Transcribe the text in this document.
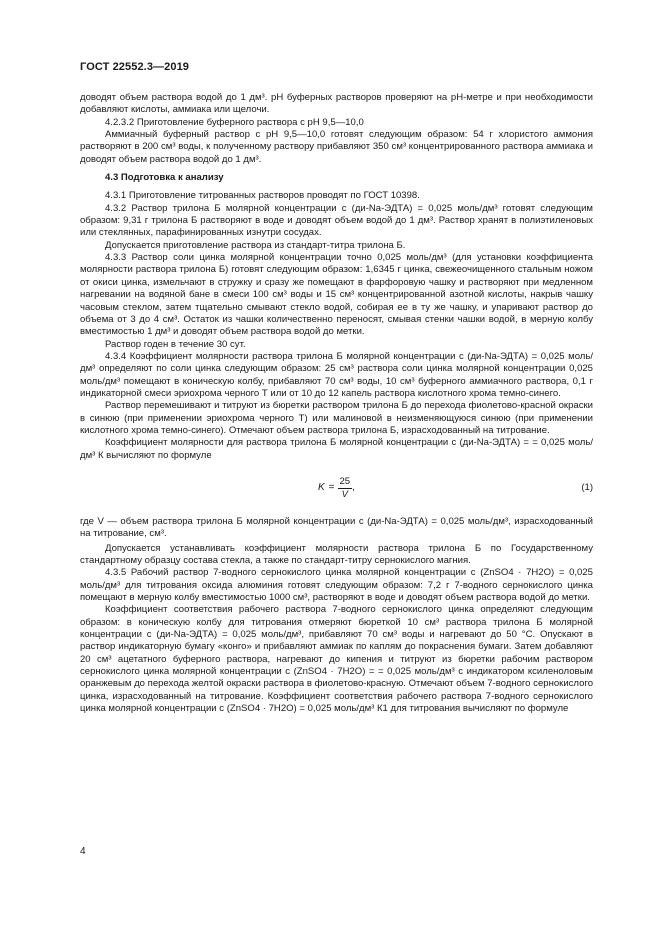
ГОСТ 22552.3—2019

доводят объем раствора водой до 1 дм³. pH буферных растворов проверяют на pH-метре и при необходимости добавляют кислоты, аммиака или щелочи.

4.2.3.2 Приготовление буферного раствора с pH 9,5—10,0

Аммиачный буферный раствор с pH 9,5—10,0 готовят следующим образом: 54 г хлористого аммония растворяют в 200 см³ воды, к полученному раствору прибавляют 350 см³ концентрированного раствора аммиака и доводят объем раствора водой до 1 дм³.

4.3 Подготовка к анализу

4.3.1 Приготовление титрованных растворов проводят по ГОСТ 10398.

4.3.2 Раствор трилона Б молярной концентрации с (ди-Na-ЭДТА) = 0,025 моль/дм³ готовят следующим образом: 9,31 г трилона Б растворяют в воде и доводят объем водой до 1 дм³. Раствор хранят в полиэтиленовых или стеклянных, парафинированных изнутри сосудах.

Допускается приготовление раствора из стандарт-титра трилона Б.

4.3.3 Раствор соли цинка молярной концентрации точно 0,025 моль/дм³ (для установки коэффициента молярности раствора трилона Б) готовят следующим образом: 1,6345 г цинка, свежеочищенного стальным ножом от окиси цинка, измельчают в стружку и сразу же помещают в фарфоровую чашку и растворяют при медленном нагревании на водяной бане в смеси 100 см³ воды и 15 см³ концентрированной азотной кислоты, накрыв чашку часовым стеклом, затем тщательно смывают стекло водой, собирая ее в ту же чашку, и упаривают раствор до объема от 3 до 4 см³. Остаток из чашки количественно переносят, смывая стенки чашки водой, в мерную колбу вместимостью 1 дм³ и доводят объем раствора водой до метки.

Раствор годен в течение 30 сут.

4.3.4 Коэффициент молярности раствора трилона Б молярной концентрации с (ди-Na-ЭДТА) = 0,025 моль/дм³ определяют по соли цинка следующим образом: 25 см³ раствора соли цинка молярной концентрации 0,025 моль/дм³ помещают в коническую колбу, прибавляют 70 см³ воды, 10 см³ буферного аммиачного раствора, 0,1 г индикаторной смеси эриохрома черного Т или от 10 до 12 капель раствора кислотного хрома темно-синего.

Раствор перемешивают и титруют из бюретки раствором трилона Б до перехода фиолетово-красной окраски в синюю (при применении эриохрома черного Т) или малиновой в неизменяющуюся синюю (при применении кислотного хрома темно-синего). Отмечают объем раствора трилона Б, израсходованный на титрование.

Коэффициент молярности для раствора трилона Б молярной концентрации с (ди-Na-ЭДТА) = = 0,025 моль/дм³ К вычисляют по формуле

$K = \frac{25}{V}$ ,	(1)

где V — объем раствора трилона Б молярной концентрации с (ди-Na-ЭДТА) = 0,025 моль/дм³, израсходованный на титрование, см³.

Допускается устанавливать коэффициент молярности раствора трилона Б по Государственному стандартному образцу состава стекла, а также по стандарт-титру сернокислого магния.

4.3.5 Рабочий раствор 7-водного сернокислого цинка молярной концентрации с (ZnSO4 · 7H2O) = 0,025 моль/дм³ для титрования оксида алюминия готовят следующим образом: 7,2 г 7-водного сернокислого цинка помещают в мерную колбу вместимостью 1000 см³, растворяют в воде и доводят объем раствора водой до метки.

Коэффициент соответствия рабочего раствора 7-водного сернокислого цинка определяют следующим образом: в коническую колбу для титрования отмеряют бюреткой 10 см³ раствора трилона Б молярной концентрации с (ди-Na-ЭДТА) = 0,025 моль/дм³, прибавляют 70 см³ воды и нагревают до 50 °С. Опускают в раствор индикаторную бумагу «конго» и прибавляют аммиак по каплям до покраснения бумаги. Затем добавляют 20 см³ ацетатного буферного раствора, нагревают до кипения и титруют из бюретки рабочим раствором сернокислого цинка молярной концентрации с (ZnSO4 · 7H2O) = = 0,025 моль/дм³ с индикатором ксиленоловым оранжевым до перехода желтой окраски раствора в фиолетово-красную. Отмечают объем 7-водного сернокислого цинка, израсходованный на титрование. Коэффициент соответствия рабочего раствора 7-водного сернокислого цинка молярной концентрации с (ZnSO4 · 7H2O) = 0,025 моль/дм³ К1 для титрования вычисляют по формуле

4
